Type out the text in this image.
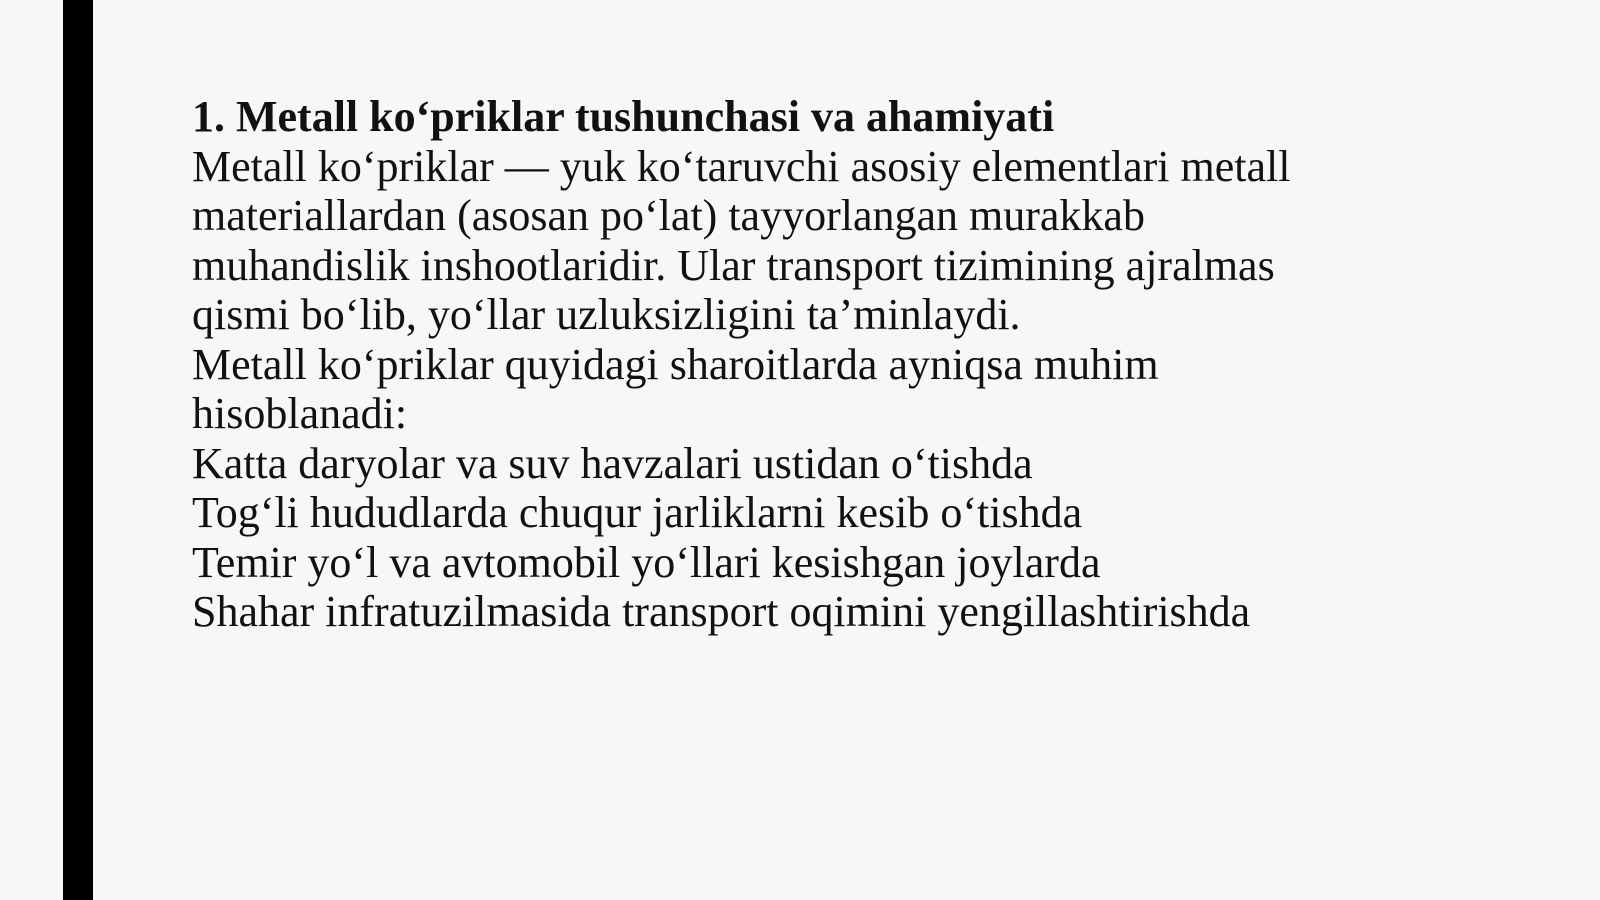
1. Metall ko‘priklar tushunchasi va ahamiyati
Metall ko‘priklar — yuk ko‘taruvchi asosiy elementlari metall
materiallardan (asosan po‘lat) tayyorlangan murakkab
muhandislik inshootlaridir. Ular transport tizimining ajralmas
qismi bo‘lib, yo‘llar uzluksizligini ta’minlaydi.
Metall ko‘priklar quyidagi sharoitlarda ayniqsa muhim
hisoblanadi:
Katta daryolar va suv havzalari ustidan o‘tishda
Tog‘li hududlarda chuqur jarliklarni kesib o‘tishda
Temir yo‘l va avtomobil yo‘llari kesishgan joylarda
Shahar infratuzilmasida transport oqimini yengillashtirishda
